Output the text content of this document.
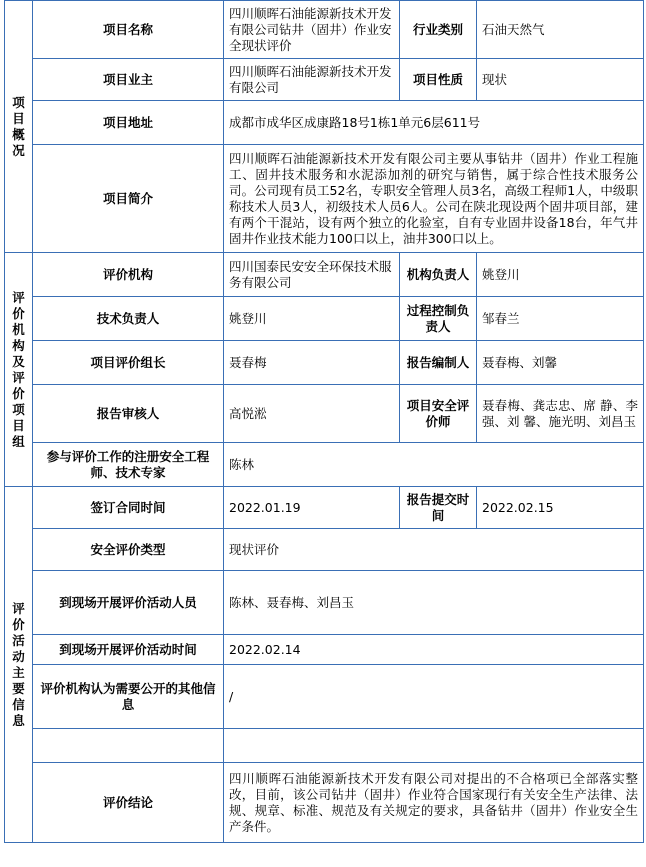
项目概况	项目名称	四川顺晖石油能源新技术开发有限公司钻井（固井）作业安全现状评价	行业类别	石油天然气
	项目业主	四川顺晖石油能源新技术开发有限公司	项目性质	现状
	项目地址	成都市成华区成康路18号1栋1单元6层611号		
	项目简介	四川顺晖石油能源新技术开发有限公司主要从事钻井（固井）作业工程施工、固井技术服务和水泥添加剂的研究与销售，属于综合性技术服务公司。公司现有员工52名，专职安全管理人员3名，高级工程师1人，中级职称技术人员3人，初级技术人员6人。公司在陕北现设两个固井项目部，建有两个干混站，设有两个独立的化验室，自有专业固井设备18台，年气井固井作业技术能力100口以上，油井300口以上。		

评价机构及评价项目组	评价机构	四川国泰民安安全环保技术服务有限公司	机构负责人	姚登川
	技术负责人	姚登川	过程控制负责人	邹春兰
	项目评价组长	聂春梅	报告编制人	聂春梅、刘馨
	报告审核人	高悦淞	项目安全评价师	聂春梅、龚志忠、席 静、李 强、刘 馨、施光明、刘昌玉
	参与评价工作的注册安全工程师、技术专家	陈林		

评价活动主要信息	签订合同时间	2022.01.19	报告提交时间	2022.02.15
	安全评价类型	现状评价		
	到现场开展评价活动人员	陈林、聂春梅、刘昌玉		
	到现场开展评价活动时间	2022.02.14		
	评价机构认为需要公开的其他信息	/		

	评价结论	四川顺晖石油能源新技术开发有限公司对提出的不合格项已全部落实整改，目前，该公司钻井（固井）作业符合国家现行有关安全生产法律、法规、规章、标准、规范及有关规定的要求，具备钻井（固井）作业安全生产条件。		
